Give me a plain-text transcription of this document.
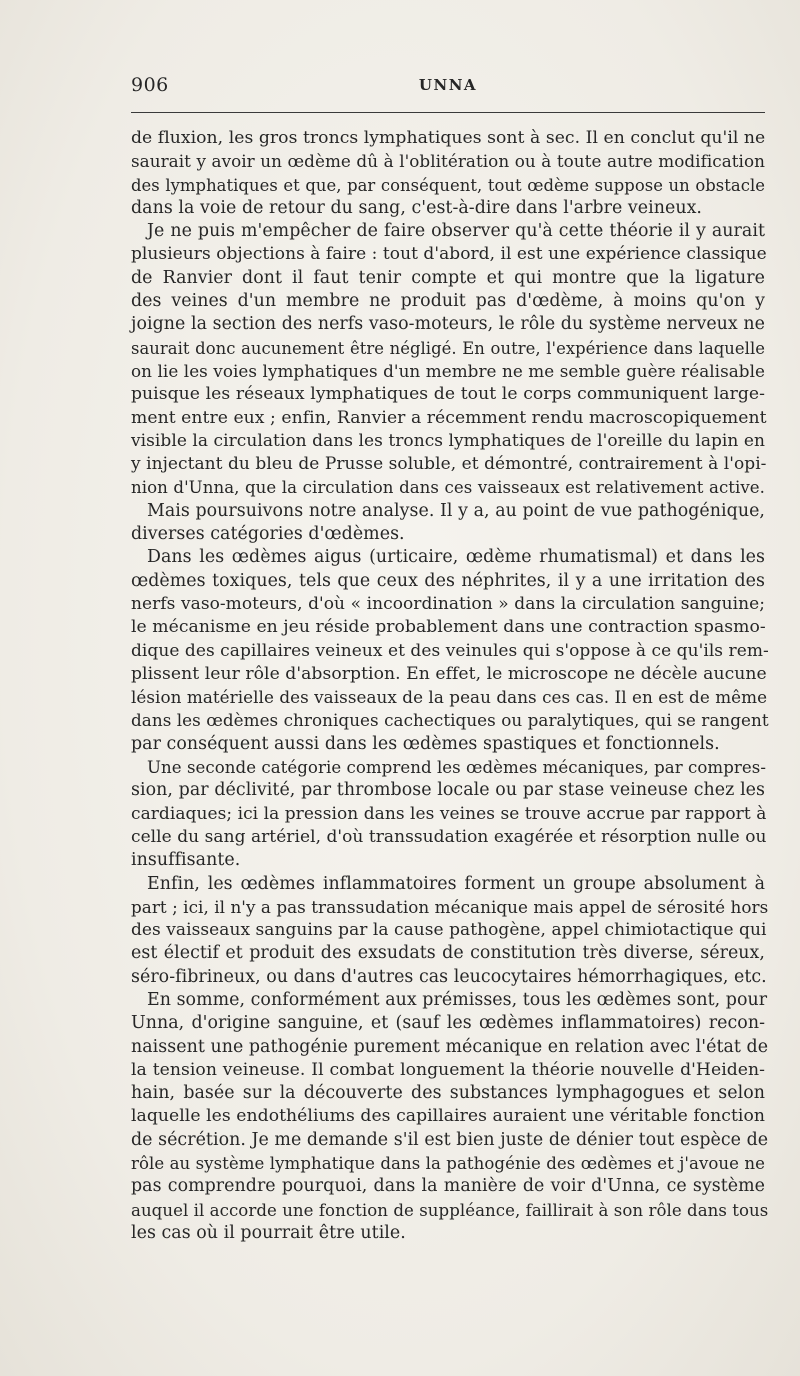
906	UNNA
de fluxion, les gros troncs lymphatiques sont à sec. Il en conclut qu'il ne
saurait y avoir un œdème dû à l'oblitération ou à toute autre modification
des lymphatiques et que, par conséquent, tout œdème suppose un obstacle
dans la voie de retour du sang, c'est-à-dire dans l'arbre veineux.
Je ne puis m'empêcher de faire observer qu'à cette théorie il y aurait
plusieurs objections à faire : tout d'abord, il est une expérience classique
de Ranvier dont il faut tenir compte et qui montre que la ligature
des veines d'un membre ne produit pas d'œdème, à moins qu'on y
joigne la section des nerfs vaso-moteurs, le rôle du système nerveux ne
saurait donc aucunement être négligé. En outre, l'expérience dans laquelle
on lie les voies lymphatiques d'un membre ne me semble guère réalisable
puisque les réseaux lymphatiques de tout le corps communiquent large-
ment entre eux ; enfin, Ranvier a récemment rendu macroscopiquement
visible la circulation dans les troncs lymphatiques de l'oreille du lapin en
y injectant du bleu de Prusse soluble, et démontré, contrairement à l'opi-
nion d'Unna, que la circulation dans ces vaisseaux est relativement active.
Mais poursuivons notre analyse. Il y a, au point de vue pathogénique,
diverses catégories d'œdèmes.
Dans les œdèmes aigus (urticaire, œdème rhumatismal) et dans les
œdèmes toxiques, tels que ceux des néphrites, il y a une irritation des
nerfs vaso-moteurs, d'où « incoordination » dans la circulation sanguine;
le mécanisme en jeu réside probablement dans une contraction spasmo-
dique des capillaires veineux et des veinules qui s'oppose à ce qu'ils rem-
plissent leur rôle d'absorption. En effet, le microscope ne décèle aucune
lésion matérielle des vaisseaux de la peau dans ces cas. Il en est de même
dans les œdèmes chroniques cachectiques ou paralytiques, qui se rangent
par conséquent aussi dans les œdèmes spastiques et fonctionnels.
Une seconde catégorie comprend les œdèmes mécaniques, par compres-
sion, par déclivité, par thrombose locale ou par stase veineuse chez les
cardiaques; ici la pression dans les veines se trouve accrue par rapport à
celle du sang artériel, d'où transsudation exagérée et résorption nulle ou
insuffisante.
Enfin, les œdèmes inflammatoires forment un groupe absolument à
part ; ici, il n'y a pas transsudation mécanique mais appel de sérosité hors
des vaisseaux sanguins par la cause pathogène, appel chimiotactique qui
est électif et produit des exsudats de constitution très diverse, séreux,
séro-fibrineux, ou dans d'autres cas leucocytaires hémorrhagiques, etc.
En somme, conformément aux prémisses, tous les œdèmes sont, pour
Unna, d'origine sanguine, et (sauf les œdèmes inflammatoires) recon-
naissent une pathogénie purement mécanique en relation avec l'état de
la tension veineuse. Il combat longuement la théorie nouvelle d'Heiden-
hain, basée sur la découverte des substances lymphagogues et selon
laquelle les endothéliums des capillaires auraient une véritable fonction
de sécrétion. Je me demande s'il est bien juste de dénier tout espèce de
rôle au système lymphatique dans la pathogénie des œdèmes et j'avoue ne
pas comprendre pourquoi, dans la manière de voir d'Unna, ce système
auquel il accorde une fonction de suppléance, faillirait à son rôle dans tous
les cas où il pourrait être utile.
